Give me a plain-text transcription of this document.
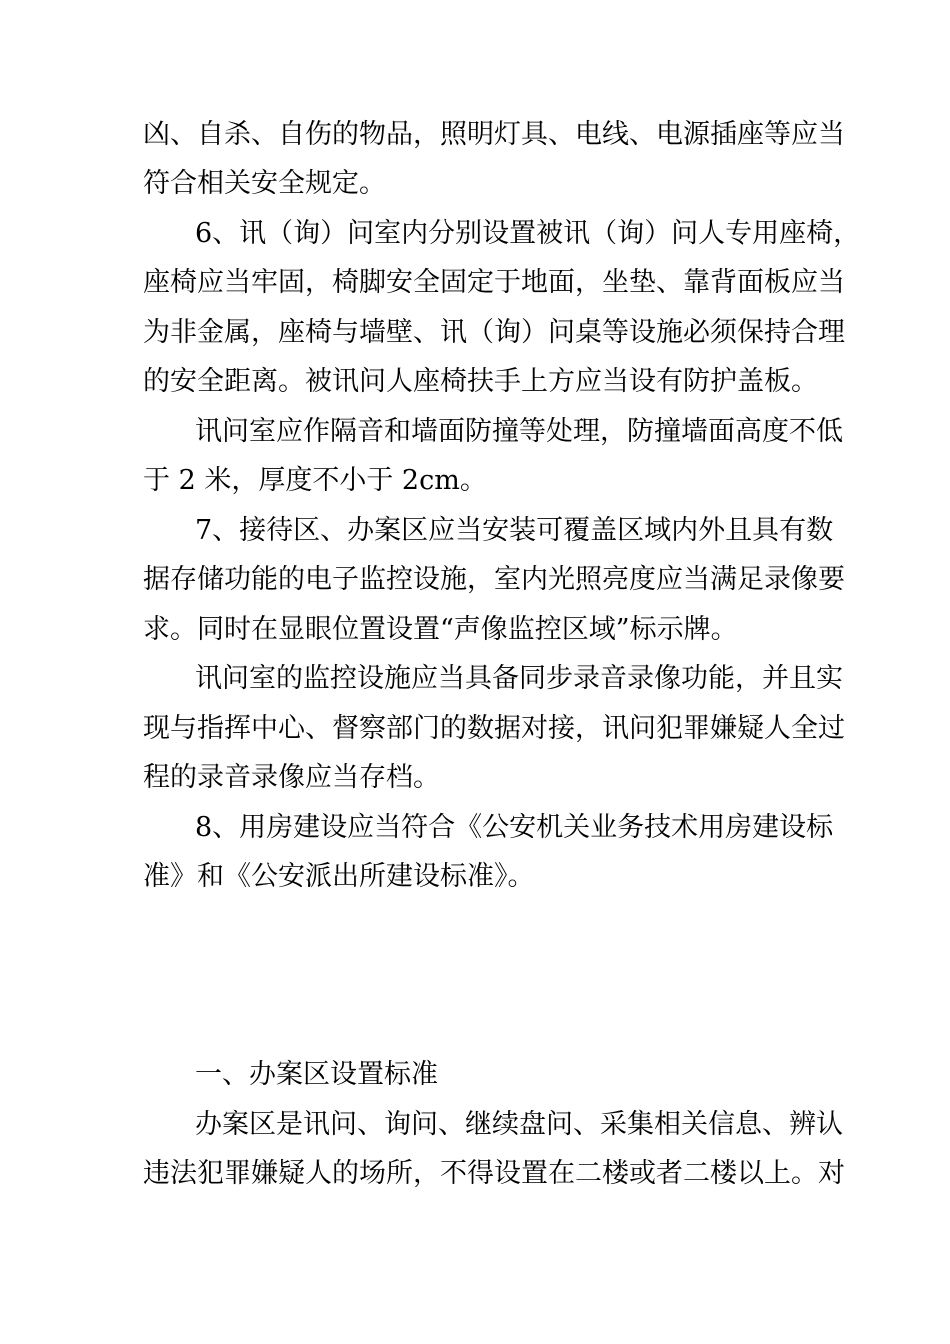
凶、自杀、自伤的物品，照明灯具、电线、电源插座等应当
符合相关安全规定。
6、讯（询）问室内分别设置被讯（询）问人专用座椅，
座椅应当牢固，椅脚安全固定于地面，坐垫、靠背面板应当
为非金属，座椅与墙壁、讯（询）问桌等设施必须保持合理
的安全距离。被讯问人座椅扶手上方应当设有防护盖板。
讯问室应作隔音和墙面防撞等处理，防撞墙面高度不低
于 2 米，厚度不小于 2cm。
7、接待区、办案区应当安装可覆盖区域内外且具有数
据存储功能的电子监控设施，室内光照亮度应当满足录像要
求。同时在显眼位置设置“声像监控区域”标示牌。
讯问室的监控设施应当具备同步录音录像功能，并且实
现与指挥中心、督察部门的数据对接，讯问犯罪嫌疑人全过
程的录音录像应当存档。
8、用房建设应当符合《公安机关业务技术用房建设标
准》和《公安派出所建设标准》。
一、办案区设置标准
办案区是讯问、询问、继续盘问、采集相关信息、辨认
违法犯罪嫌疑人的场所，不得设置在二楼或者二楼以上。对
